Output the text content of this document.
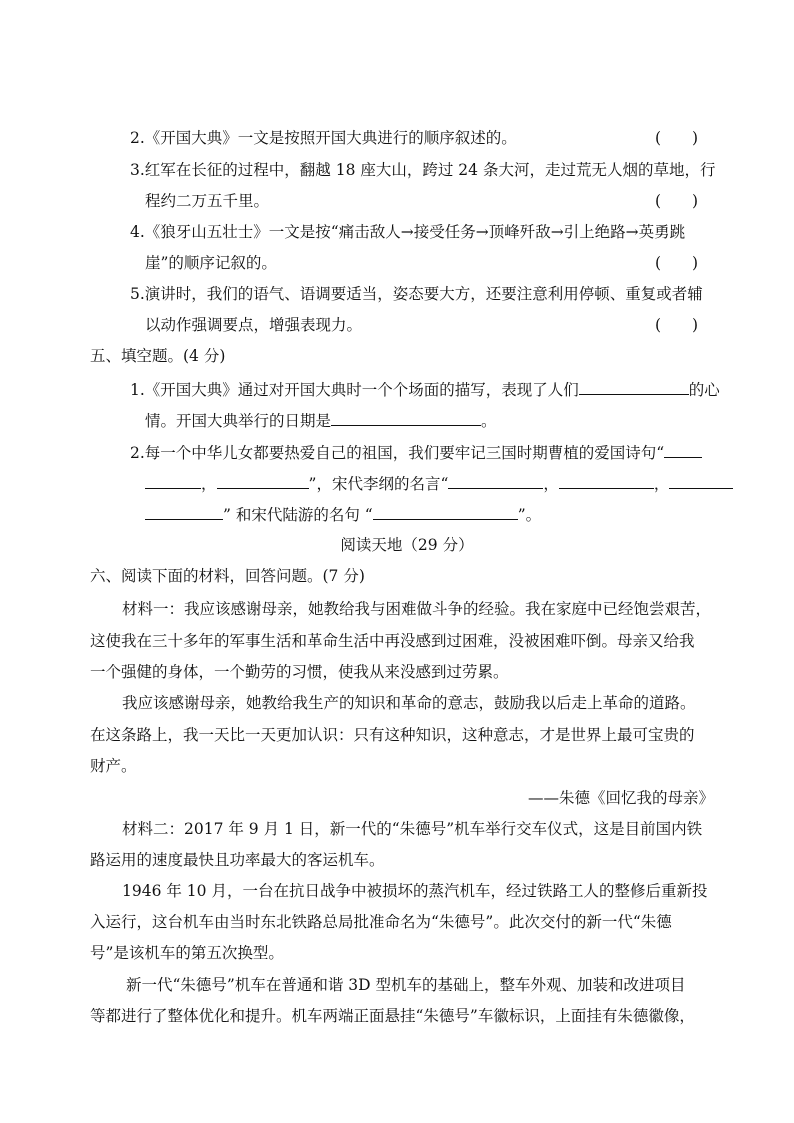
2.《开国大典》一文是按照开国大典进行的顺序叙述的。	(　　)
3.红军在长征的过程中，翻越 18 座大山，跨过 24 条大河，走过荒无人烟的草地，行
程约二万五千里。	(　　)
4.《狼牙山五壮士》一文是按“痛击敌人→接受任务→顶峰歼敌→引上绝路→英勇跳
崖”的顺序记叙的。	(　　)
5.演讲时，我们的语气、语调要适当，姿态要大方，还要注意利用停顿、重复或者辅
以动作强调要点，增强表现力。	(　　)
五、填空题。(4 分)
1.《开国大典》通过对开国大典时一个个场面的描写，表现了人们	的心
情。开国大典举行的日期是	。
2.每一个中华儿女都要热爱自己的祖国，我们要牢记三国时期曹植的爱国诗句“
，	”，宋代李纲的名言“	，	，
” 和宋代陆游的名句 “	”。
阅读天地（29 分）
六、阅读下面的材料，回答问题。(7 分)
材料一：我应该感谢母亲，她教给我与困难做斗争的经验。我在家庭中已经饱尝艰苦，
这使我在三十多年的军事生活和革命生活中再没感到过困难，没被困难吓倒。母亲又给我
一个强健的身体，一个勤劳的习惯，使我从来没感到过劳累。
我应该感谢母亲，她教给我生产的知识和革命的意志，鼓励我以后走上革命的道路。
在这条路上，我一天比一天更加认识：只有这种知识，这种意志，才是世界上最可宝贵的
财产。
——朱德《回忆我的母亲》
材料二：2017 年 9 月 1 日，新一代的“朱德号”机车举行交车仪式，这是目前国内铁
路运用的速度最快且功率最大的客运机车。
1946 年 10 月，一台在抗日战争中被损坏的蒸汽机车，经过铁路工人的整修后重新投
入运行，这台机车由当时东北铁路总局批准命名为“朱德号”。此次交付的新一代“朱德
号”是该机车的第五次换型。
新一代“朱德号”机车在普通和谐 3D 型机车的基础上，整车外观、加装和改进项目
等都进行了整体优化和提升。机车两端正面悬挂“朱德号”车徽标识，上面挂有朱德徽像，
